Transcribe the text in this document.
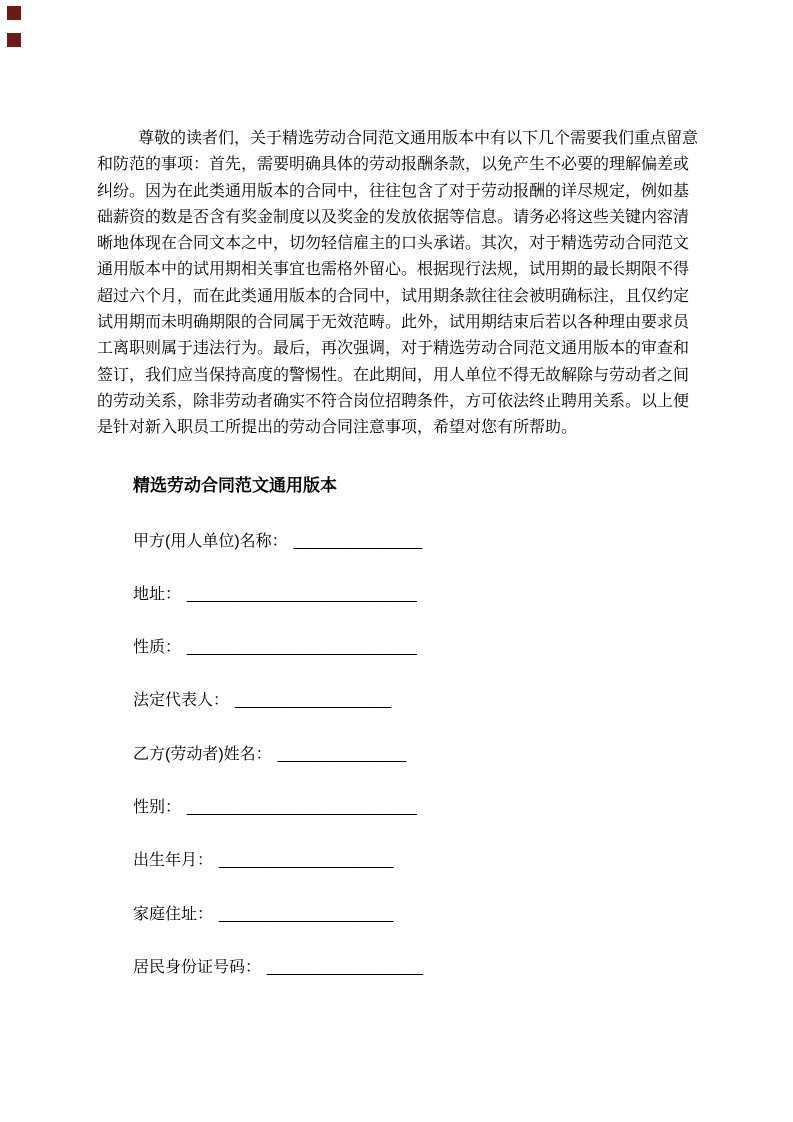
尊敬的读者们，关于精选劳动合同范文通用版本中有以下几个需要我们重点留意
和防范的事项：首先，需要明确具体的劳动报酬条款，以免产生不必要的理解偏差或
纠纷。因为在此类通用版本的合同中，往往包含了对于劳动报酬的详尽规定，例如基
础薪资的数是否含有奖金制度以及奖金的发放依据等信息。请务必将这些关键内容清
晰地体现在合同文本之中，切勿轻信雇主的口头承诺。其次，对于精选劳动合同范文
通用版本中的试用期相关事宜也需格外留心。根据现行法规，试用期的最长期限不得
超过六个月，而在此类通用版本的合同中，试用期条款往往会被明确标注，且仅约定
试用期而未明确期限的合同属于无效范畴。此外，试用期结束后若以各种理由要求员
工离职则属于违法行为。最后，再次强调，对于精选劳动合同范文通用版本的审查和
签订，我们应当保持高度的警惕性。在此期间，用人单位不得无故解除与劳动者之间
的劳动关系，除非劳动者确实不符合岗位招聘条件，方可依法终止聘用关系。以上便
是针对新入职员工所提出的劳动合同注意事项，希望对您有所帮助。
精选劳动合同范文通用版本
甲方(用人单位)名称： ______________
地址： _________________________
性质： _________________________
法定代表人： _________________
乙方(劳动者)姓名： ______________
性别： _________________________
出生年月： ___________________
家庭住址： ___________________
居民身份证号码： _________________
